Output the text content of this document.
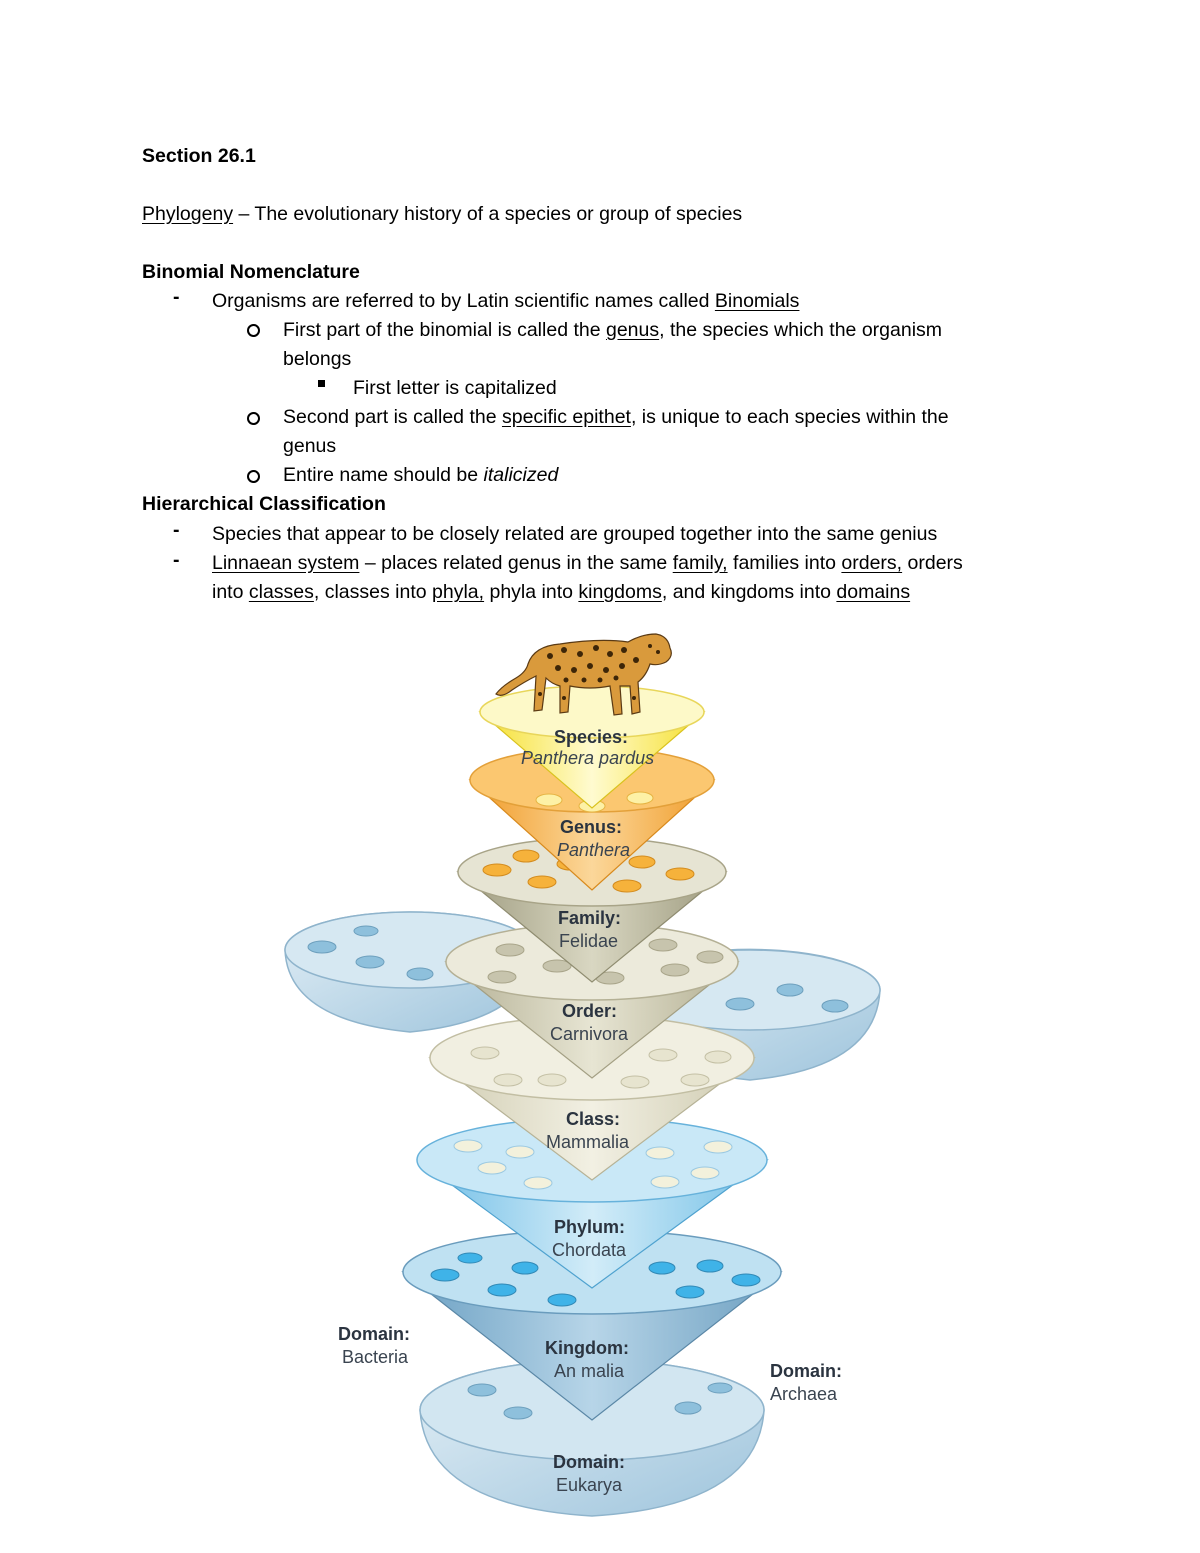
Section 26.1
Phylogeny – The evolutionary history of a species or group of species
Binomial Nomenclature
- Organisms are referred to by Latin scientific names called Binomials
First part of the binomial is called the genus, the species which the organism
belongs
First letter is capitalized
Second part is called the specific epithet, is unique to each species within the
genus
Entire name should be italicized
Hierarchical Classification
- Species that appear to be closely related are grouped together into the same genius
- Linnaean system – places related genus in the same family, families into orders, orders
into classes, classes into phyla, phyla into kingdoms, and kingdoms into domains
Domain:
Bacteria	Kingdom:
An malia	Domain:
Archaea
Domain:
Eukarya
Phylum:
Chordata
Class:
Mammalia
Order:
Carnivora
Family:
Felidae
Genus:
Panthera
Species:
Panthera pardus
